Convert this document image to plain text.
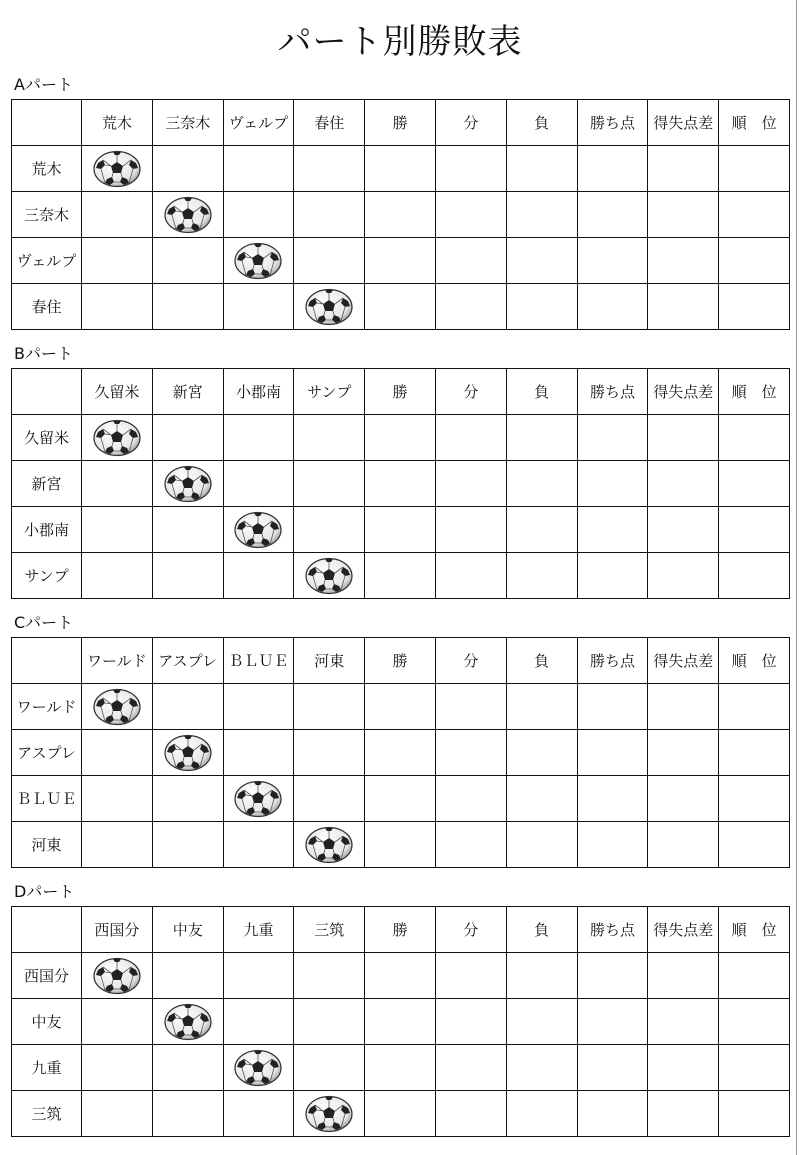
パート別勝敗表
Aパート
	荒木	三奈木	ヴェルプ	春住	勝	分	負	勝ち点	得失点差	順　位
荒木	

三奈木		

ヴェルプ			

春住				

Bパート
	久留米	新宮	小郡南	サンプ	勝	分	負	勝ち点	得失点差	順　位
久留米	

新宮		

小郡南			

サンプ				

Cパート
	ワールド	アスプレ	ＢＬＵＥ	河東	勝	分	負	勝ち点	得失点差	順　位
ワールド	

アスプレ		

ＢＬＵＥ			

河東				

Dパート
	西国分	中友	九重	三筑	勝	分	負	勝ち点	得失点差	順　位
西国分	

中友		

九重			

三筑				
